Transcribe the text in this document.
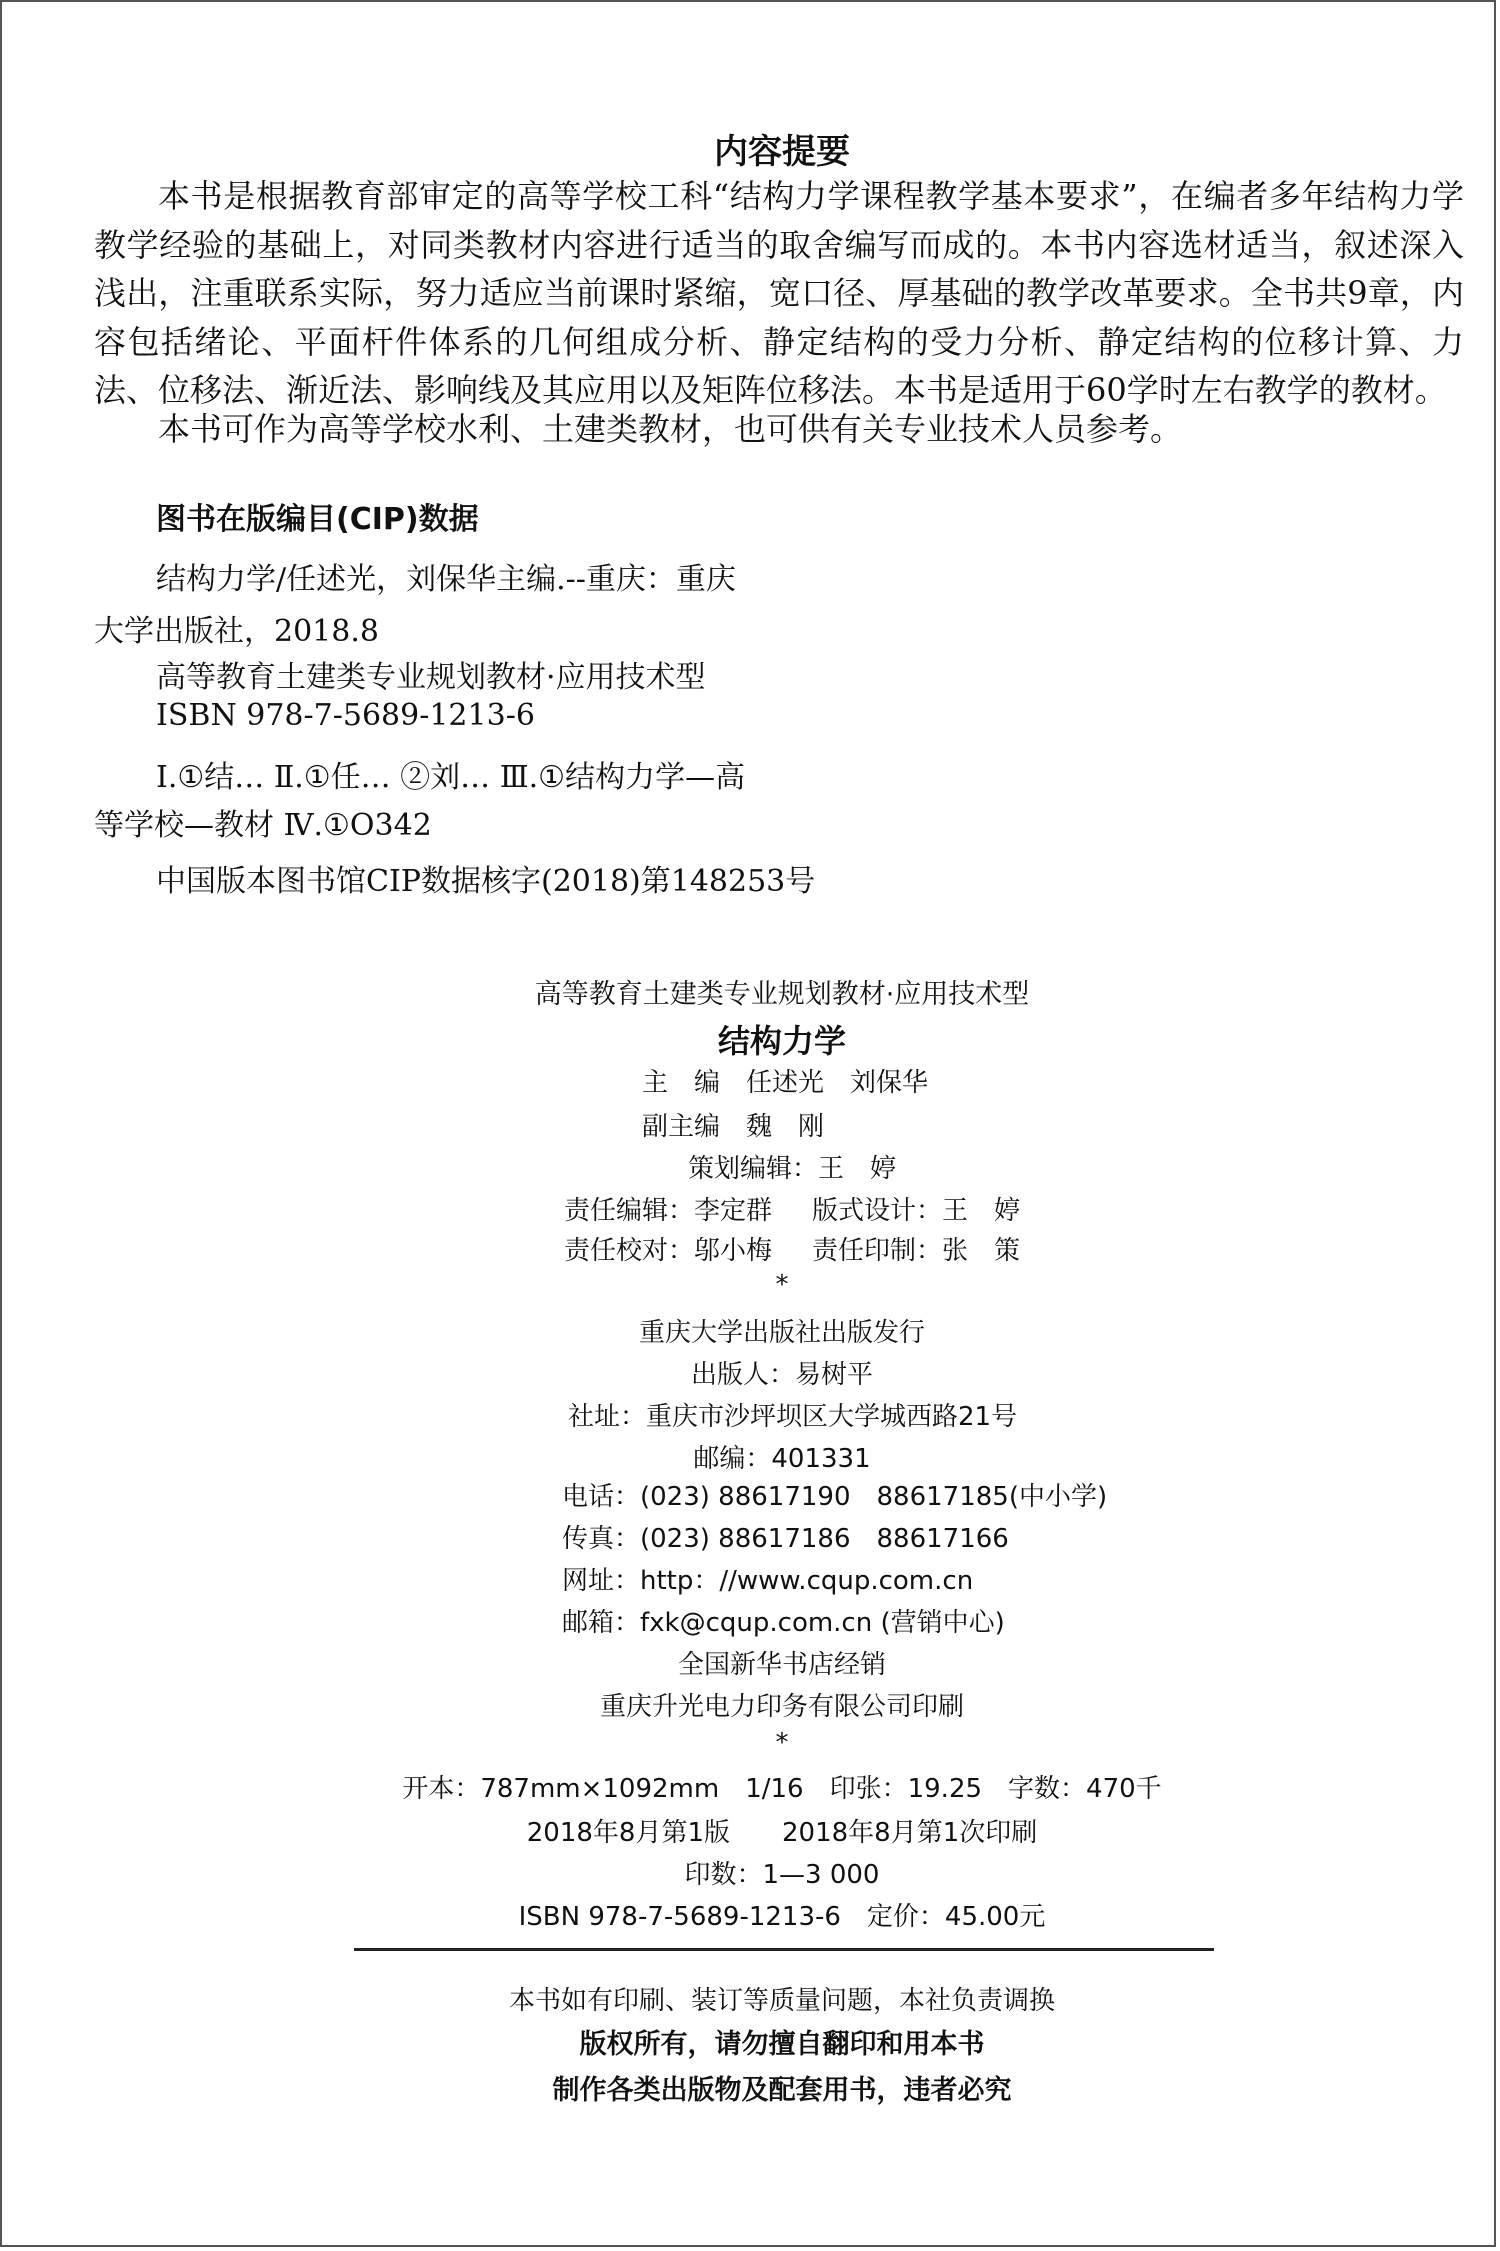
内容提要
本书是根据教育部审定的高等学校工科“结构力学课程教学基本要求”，在编者多年结构力学教学经验的基础上，对同类教材内容进行适当的取舍编写而成的。本书内容选材适当，叙述深入浅出，注重联系实际，努力适应当前课时紧缩，宽口径、厚基础的教学改革要求。全书共9章，内容包括绪论、平面杆件体系的几何组成分析、静定结构的受力分析、静定结构的位移计算、力法、位移法、渐近法、影响线及其应用以及矩阵位移法。本书是适用于60学时左右教学的教材。
本书可作为高等学校水利、土建类教材，也可供有关专业技术人员参考。
图书在版编目(CIP)数据
结构力学/任述光，刘保华主编.--重庆：重庆
大学出版社，2018.8
高等教育土建类专业规划教材·应用技术型
ISBN 978-7-5689-1213-6
Ⅰ.①结… Ⅱ.①任… ②刘… Ⅲ.①结构力学—高
等学校—教材 Ⅳ.①O342
中国版本图书馆CIP数据核字(2018)第148253号
高等教育土建类专业规划教材·应用技术型
结构力学
主　编　任述光　刘保华
副主编　魏　刚
策划编辑：王　婷
责任编辑：李定群 版式设计：王　婷
责任校对：邬小梅 责任印制：张　策
*
重庆大学出版社出版发行
出版人：易树平
社址：重庆市沙坪坝区大学城西路21号
邮编：401331
电话：(023) 88617190　88617185(中小学)
传真：(023) 88617186　88617166
网址：http：//www.cqup.com.cn
邮箱：fxk@cqup.com.cn (营销中心)
全国新华书店经销
重庆升光电力印务有限公司印刷
*
开本：787mm×1092mm　1/16　印张：19.25　字数：470千
2018年8月第1版　　2018年8月第1次印刷
印数：1—3 000
ISBN 978-7-5689-1213-6　定价：45.00元
本书如有印刷、装订等质量问题，本社负责调换
版权所有，请勿擅自翻印和用本书
制作各类出版物及配套用书，违者必究
